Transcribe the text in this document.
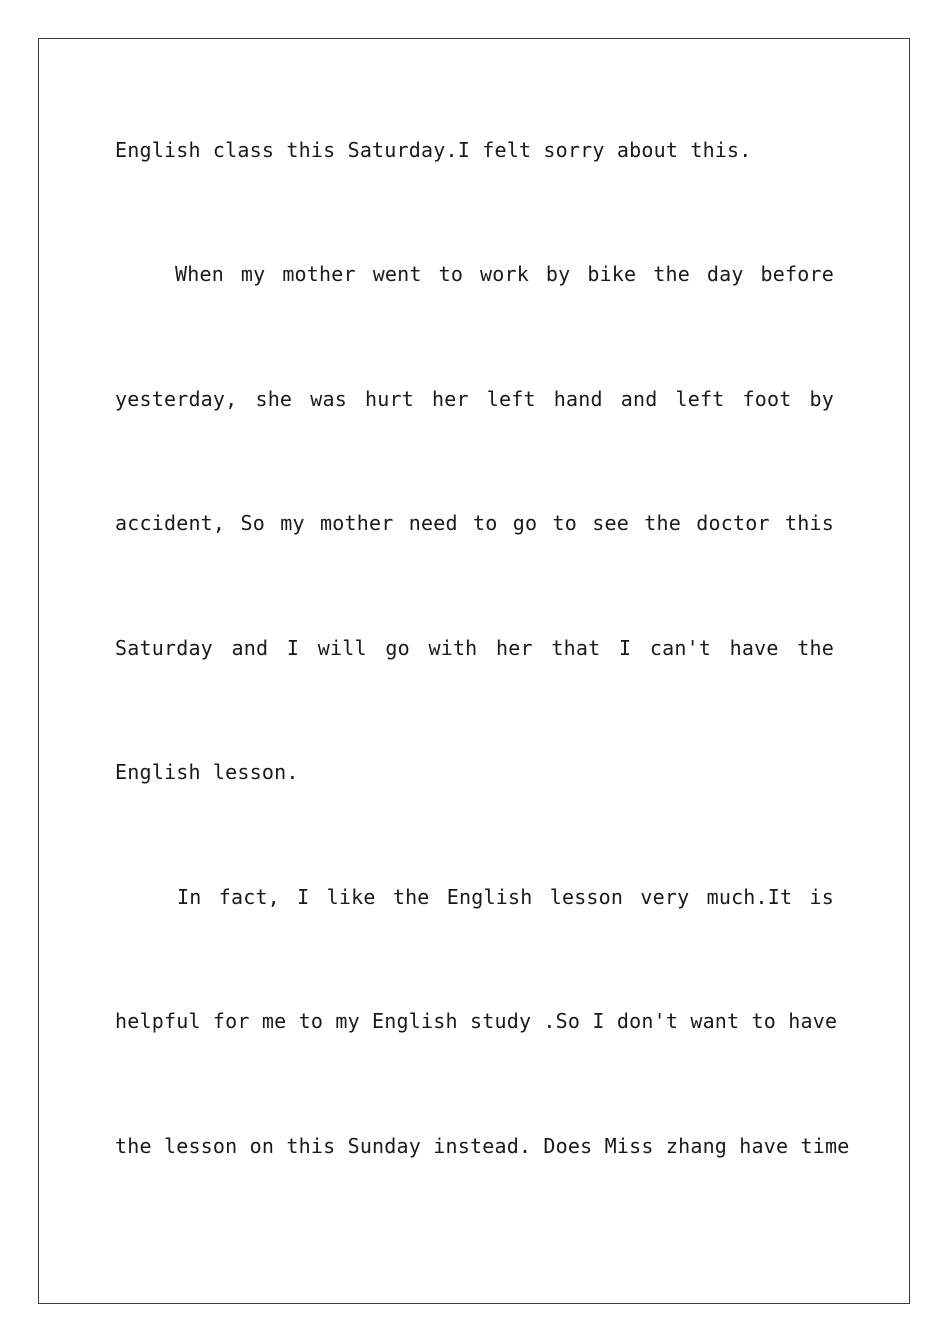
English class this Saturday.I felt sorry about this.
When my mother went to work by bike the day before
yesterday, she was hurt her left hand and left foot by
accident, So my mother need to go to see the doctor this
Saturday and I will go with her that I can't have the
English lesson.
In fact, I like the English lesson very much.It is
helpful for me to my English study .So I don't want to have
the lesson on this Sunday instead. Does Miss zhang have time
